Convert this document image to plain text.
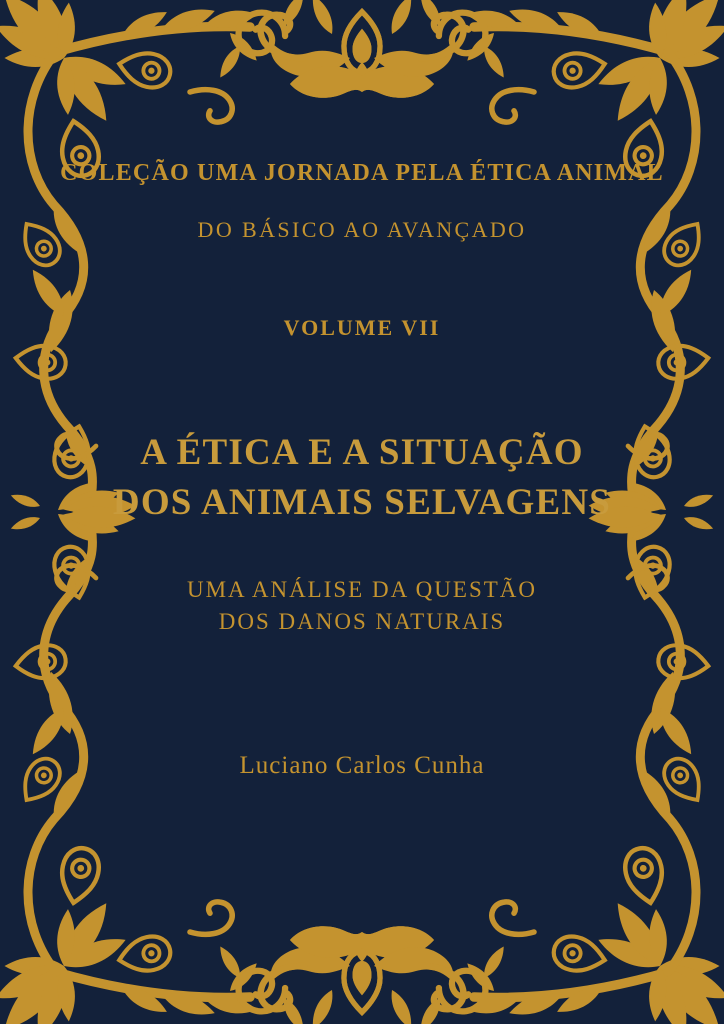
COLEÇÃO UMA JORNADA PELA ÉTICA ANIMAL
DO BÁSICO AO AVANÇADO
VOLUME VII
A ÉTICA E A SITUAÇÃO
DOS ANIMAIS SELVAGENS
UMA ANÁLISE DA QUESTÃO
DOS DANOS NATURAIS
Luciano Carlos Cunha
